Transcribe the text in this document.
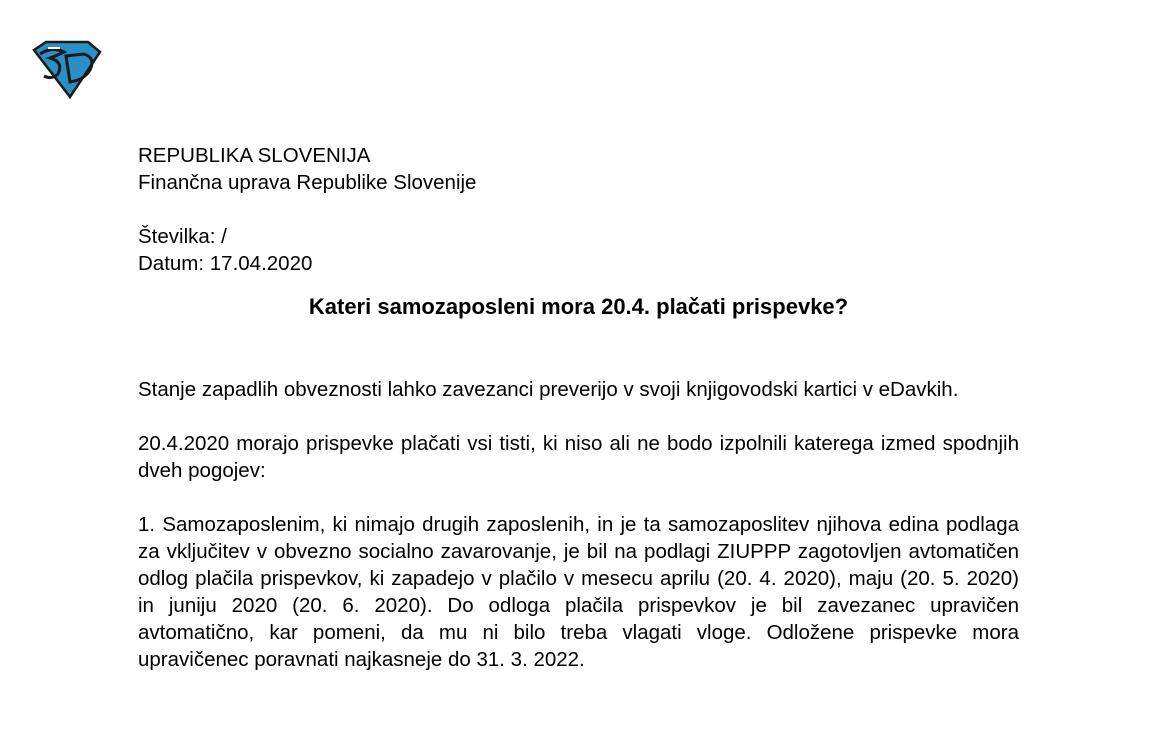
REPUBLIKA SLOVENIJA
Finančna uprava Republike Slovenije
Številka: /
Datum: 17.04.2020
Kateri samozaposleni mora 20.4. plačati prispevke?
Stanje zapadlih obveznosti lahko zavezanci preverijo v svoji knjigovodski kartici v eDavkih.
20.4.2020 morajo prispevke plačati vsi tisti, ki niso ali ne bodo izpolnili katerega izmed spodnjih dveh pogojev:
1. Samozaposlenim, ki nimajo drugih zaposlenih, in je ta samozaposlitev njihova edina podlaga za vključitev v obvezno socialno zavarovanje, je bil na podlagi ZIUPPP zagotovljen avtomatičen odlog plačila prispevkov, ki zapadejo v plačilo v mesecu aprilu (20. 4. 2020), maju (20. 5. 2020) in juniju 2020 (20. 6. 2020). Do odloga plačila prispevkov je bil zavezanec upravičen avtomatično, kar pomeni, da mu ni bilo treba vlagati vloge. Odložene prispevke mora upravičenec poravnati najkasneje do 31. 3. 2022.
